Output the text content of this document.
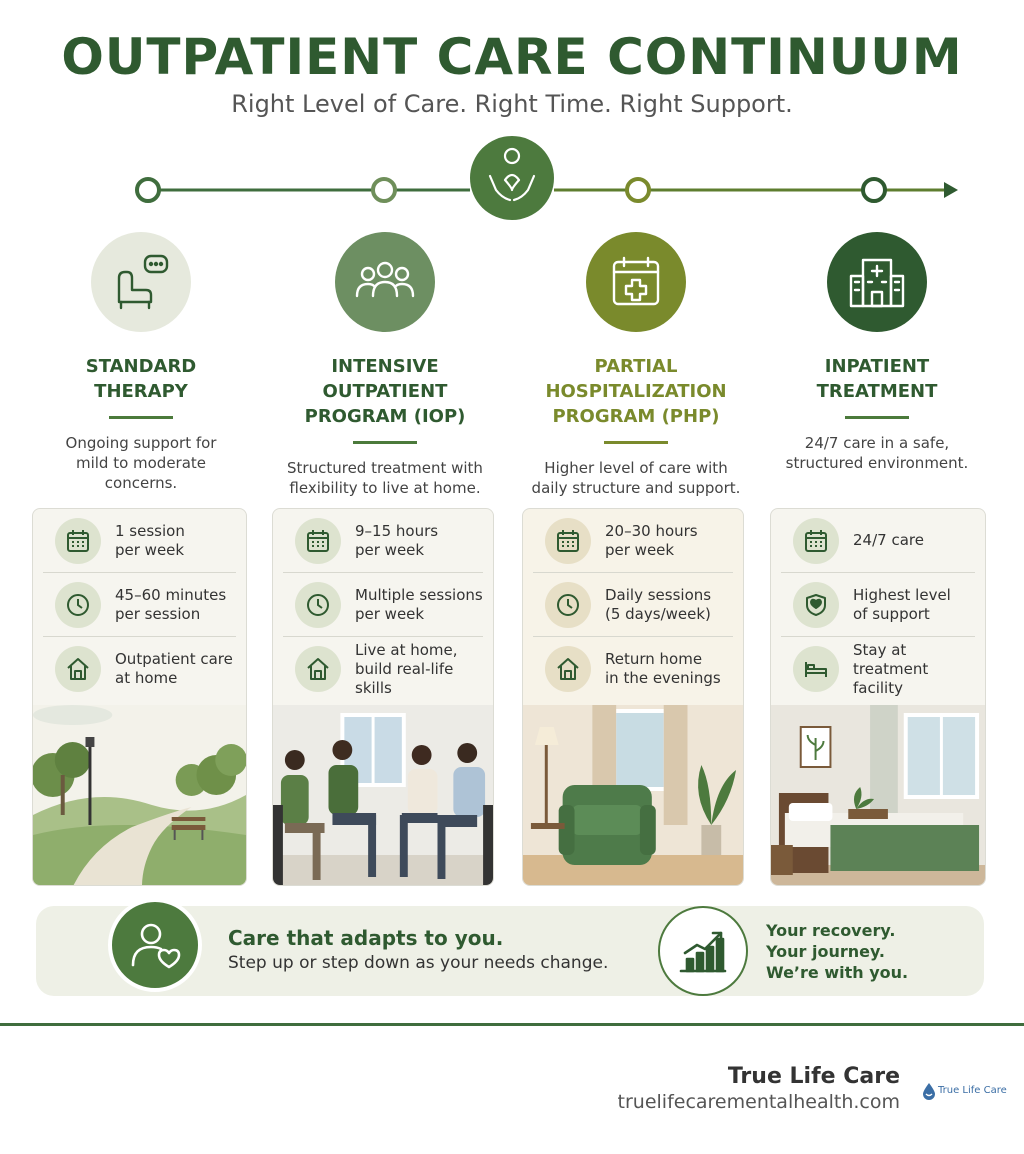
OUTPATIENT CARE CONTINUUM
Right Level of Care. Right Time. Right Support.
STANDARD
THERAPY
Ongoing support for
mild to moderate
concerns.
INTENSIVE OUTPATIENT
PROGRAM (IOP)
Structured treatment with
flexibility to live at home.
PARTIAL HOSPITALIZATION
PROGRAM (PHP)
Higher level of care with
daily structure and support.
INPATIENT
TREATMENT
24/7 care in a safe,
structured environment.
1 session
per week
45–60 minutes
per session
Outpatient care
at home
9–15 hours
per week
Multiple sessions
per week
Live at home,
build real-life skills
20–30 hours
per week
Daily sessions
(5 days/week)
Return home
in the evenings
24/7 care
Highest level
of support
Stay at treatment
facility
Care that adapts to you.
Step up or step down as your needs change.
Your recovery.
Your journey.
We’re with you.
True Life Care
truelifecarementalhealth.com
True Life Care
